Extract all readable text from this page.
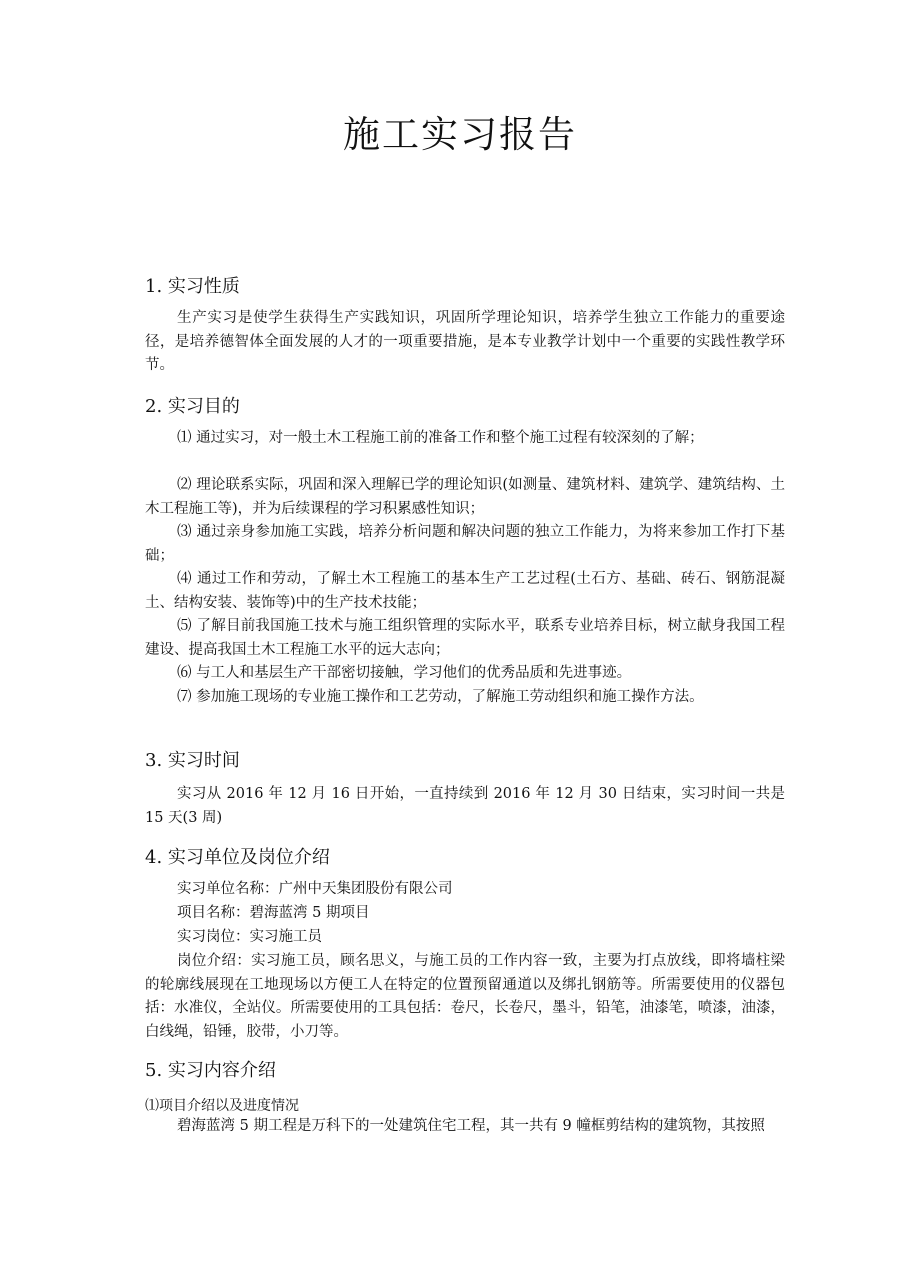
施工实习报告
1. 实习性质

生产实习是使学生获得生产实践知识，巩固所学理论知识，培养学生独立工作能力的重要途径，是培养德智体全面发展的人才的一项重要措施，是本专业教学计划中一个重要的实践性教学环节。

2. 实习目的

⑴ 通过实习，对一般土木工程施工前的准备工作和整个施工过程有较深刻的了解；

⑵ 理论联系实际，巩固和深入理解已学的理论知识(如测量、建筑材料、建筑学、建筑结构、土木工程施工等)，并为后续课程的学习积累感性知识；

⑶ 通过亲身参加施工实践，培养分析问题和解决问题的独立工作能力，为将来参加工作打下基础；

⑷ 通过工作和劳动，了解土木工程施工的基本生产工艺过程(土石方、基础、砖石、钢筋混凝土、结构安装、装饰等)中的生产技术技能；

⑸ 了解目前我国施工技术与施工组织管理的实际水平，联系专业培养目标，树立献身我国工程建设、提高我国土木工程施工水平的远大志向；

⑹ 与工人和基层生产干部密切接触，学习他们的优秀品质和先进事迹。

⑺ 参加施工现场的专业施工操作和工艺劳动，了解施工劳动组织和施工操作方法。

3. 实习时间

实习从 2016 年 12 月 16 日开始，一直持续到 2016 年 12 月 30 日结束，实习时间一共是 15 天(3 周)

4. 实习单位及岗位介绍

实习单位名称：广州中天集团股份有限公司

项目名称：碧海蓝湾 5 期项目

实习岗位：实习施工员

岗位介绍：实习施工员，顾名思义，与施工员的工作内容一致，主要为打点放线，即将墙柱梁的轮廓线展现在工地现场以方便工人在特定的位置预留通道以及绑扎钢筋等。所需要使用的仪器包括：水准仪，全站仪。所需要使用的工具包括：卷尺，长卷尺，墨斗，铅笔，油漆笔，喷漆，油漆，白线绳，铅锤，胶带，小刀等。

5. 实习内容介绍

⑴项目介绍以及进度情况

碧海蓝湾 5 期工程是万科下的一处建筑住宅工程，其一共有 9 幢框剪结构的建筑物，其按照
